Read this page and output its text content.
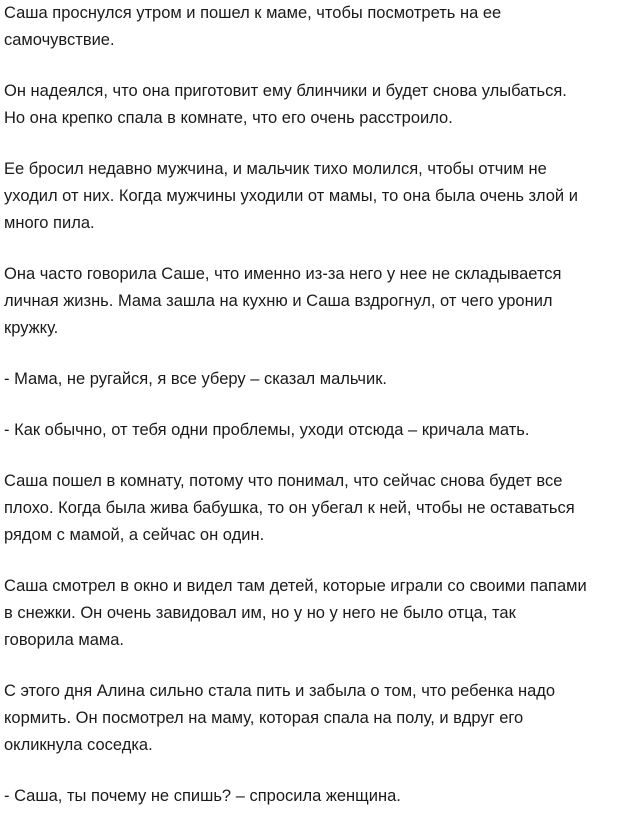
Саша проснулся утром и пошел к маме, чтобы посмотреть на ее
самочувствие.

Он надеялся, что она приготовит ему блинчики и будет снова улыбаться.
Но она крепко спала в комнате, что его очень расстроило.

Ее бросил недавно мужчина, и мальчик тихо молился, чтобы отчим не
уходил от них. Когда мужчины уходили от мамы, то она была очень злой и
много пила.

Она часто говорила Саше, что именно из-за него у нее не складывается
личная жизнь. Мама зашла на кухню и Саша вздрогнул, от чего уронил
кружку.

- Мама, не ругайся, я все уберу – сказал мальчик.

- Как обычно, от тебя одни проблемы, уходи отсюда – кричала мать.

Саша пошел в комнату, потому что понимал, что сейчас снова будет все
плохо. Когда была жива бабушка, то он убегал к ней, чтобы не оставаться
рядом с мамой, а сейчас он один.

Саша смотрел в окно и видел там детей, которые играли со своими папами
в снежки. Он очень завидовал им, но у но у него не было отца, так
говорила мама.

С этого дня Алина сильно стала пить и забыла о том, что ребенка надо
кормить. Он посмотрел на маму, которая спала на полу, и вдруг его
окликнула соседка.

- Саша, ты почему не спишь? – спросила женщина.
